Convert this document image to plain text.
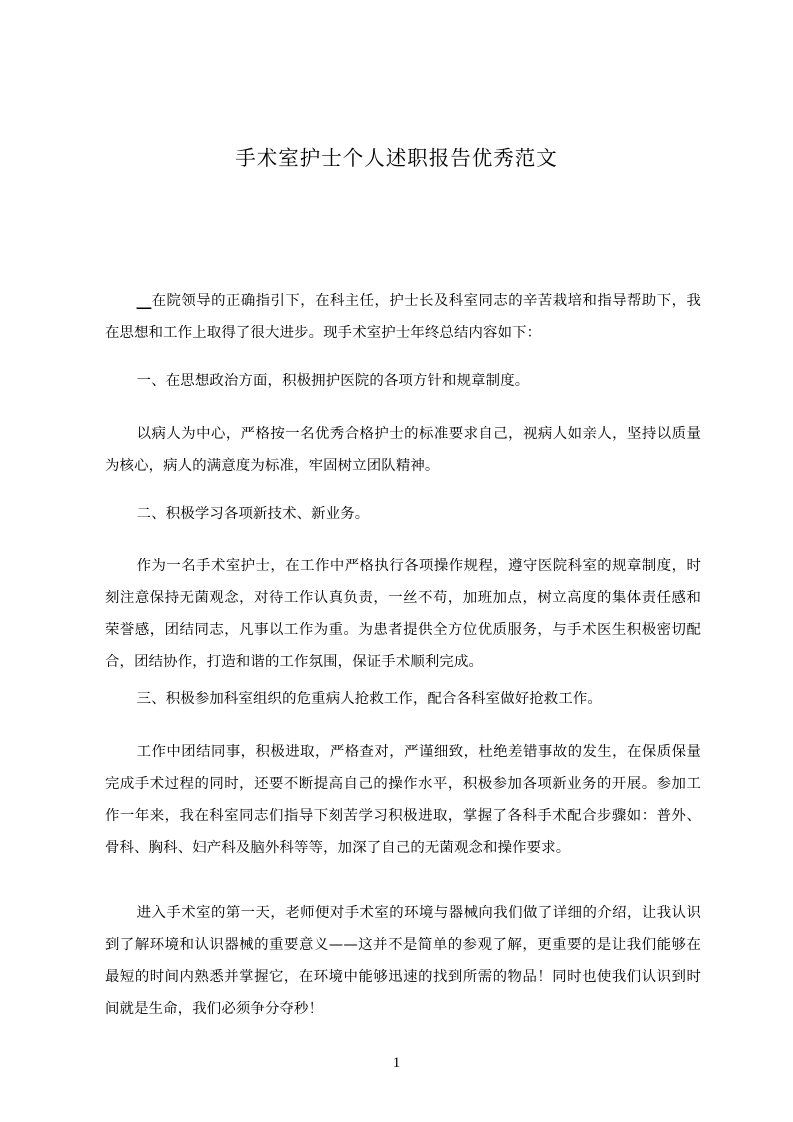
手术室护士个人述职报告优秀范文
__在院领导的正确指引下，在科主任，护士长及科室同志的辛苦栽培和指导帮助下，我在思想和工作上取得了很大进步。现手术室护士年终总结内容如下：
一、在思想政治方面，积极拥护医院的各项方针和规章制度。
以病人为中心，严格按一名优秀合格护士的标准要求自己，视病人如亲人，坚持以质量为核心，病人的满意度为标准，牢固树立团队精神。
二、积极学习各项新技术、新业务。
作为一名手术室护士，在工作中严格执行各项操作规程，遵守医院科室的规章制度，时刻注意保持无菌观念，对待工作认真负责，一丝不苟，加班加点，树立高度的集体责任感和荣誉感，团结同志，凡事以工作为重。为患者提供全方位优质服务，与手术医生积极密切配合，团结协作，打造和谐的工作氛围，保证手术顺利完成。
三、积极参加科室组织的危重病人抢救工作，配合各科室做好抢救工作。
工作中团结同事，积极进取，严格查对，严谨细致，杜绝差错事故的发生，在保质保量完成手术过程的同时，还要不断提高自己的操作水平，积极参加各项新业务的开展。参加工作一年来，我在科室同志们指导下刻苦学习积极进取，掌握了各科手术配合步骤如：普外、骨科、胸科、妇产科及脑外科等等，加深了自己的无菌观念和操作要求。
进入手术室的第一天，老师便对手术室的环境与器械向我们做了详细的介绍，让我认识到了解环境和认识器械的重要意义——这并不是简单的参观了解，更重要的是让我们能够在最短的时间内熟悉并掌握它，在环境中能够迅速的找到所需的物品！同时也使我们认识到时间就是生命，我们必须争分夺秒！
1
